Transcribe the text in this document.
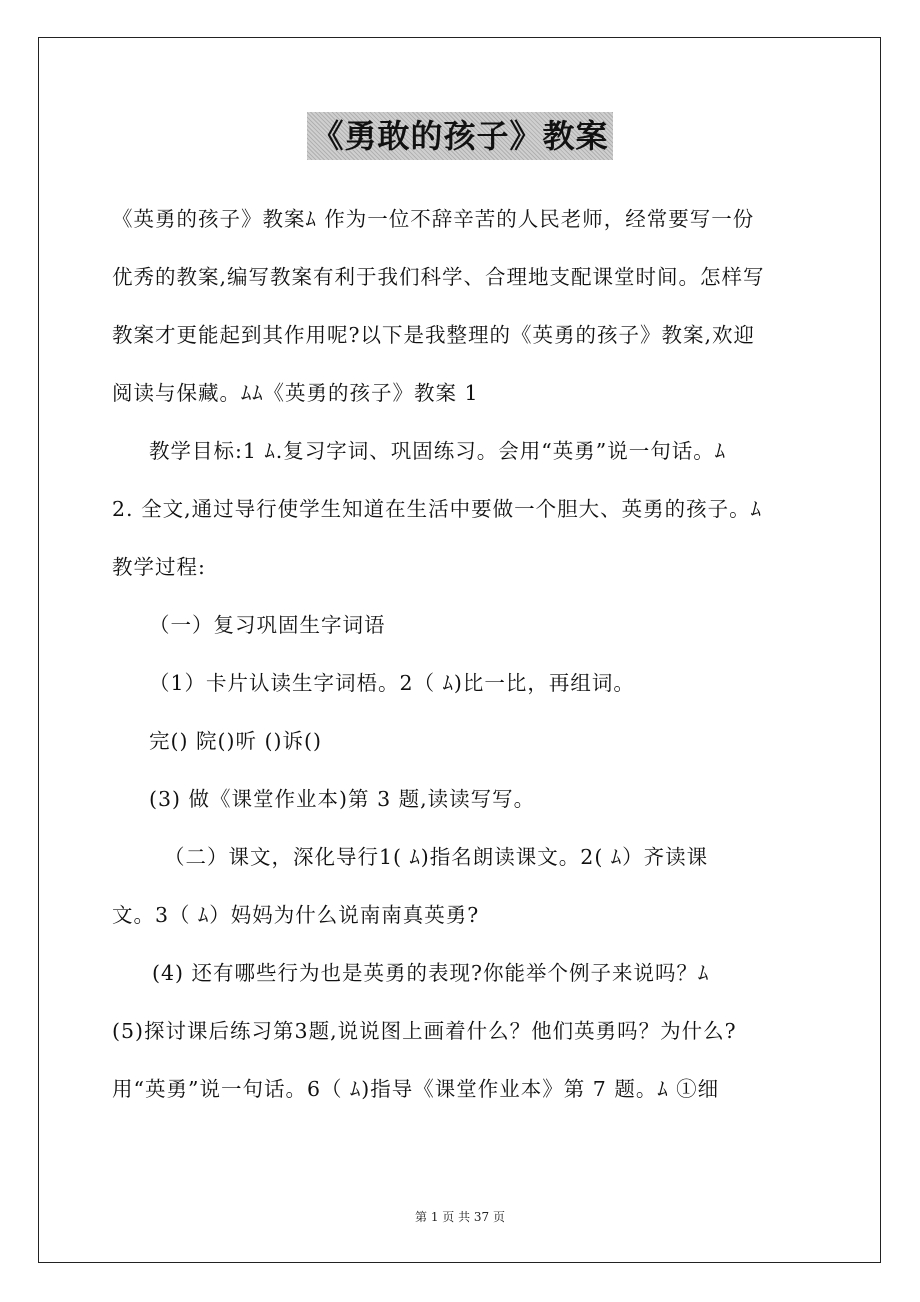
《勇敢的孩子》教案
《英勇的孩子》教案ﾑ 作为一位不辞辛苦的人民老师，经常要写一份
优秀的教案,编写教案有利于我们科学、合理地支配课堂时间。怎样写
教案才更能起到其作用呢?以下是我整理的《英勇的孩子》教案,欢迎
阅读与保藏。ﾑﾑ《英勇的孩子》教案 1
教学目标:1 ﾑ.复习字词、巩固练习。会用“英勇”说一句话。ﾑ
2. 全文,通过导行使学生知道在生活中要做一个胆大、英勇的孩子。ﾑ
教学过程:
（一）复习巩固生字词语
（1）卡片认读生字词梧。2（ ﾑ)比一比，再组词。
完() 院()听 ()诉()
(3) 做《课堂作业本)第 3 题,读读写写。
（二）课文，深化导行1( ﾑ)指名朗读课文。2( ﾑ）齐读课
文。3（ ﾑ）妈妈为什么说南南真英勇?
(4) 还有哪些行为也是英勇的表现?你能举个例子来说吗？ﾑ
(5)探讨课后练习第3题,说说图上画着什么？他们英勇吗？为什么?
用“英勇”说一句话。6（ ﾑ)指导《课堂作业本》第 7 题。ﾑ ①细
第 1 页 共 37 页
